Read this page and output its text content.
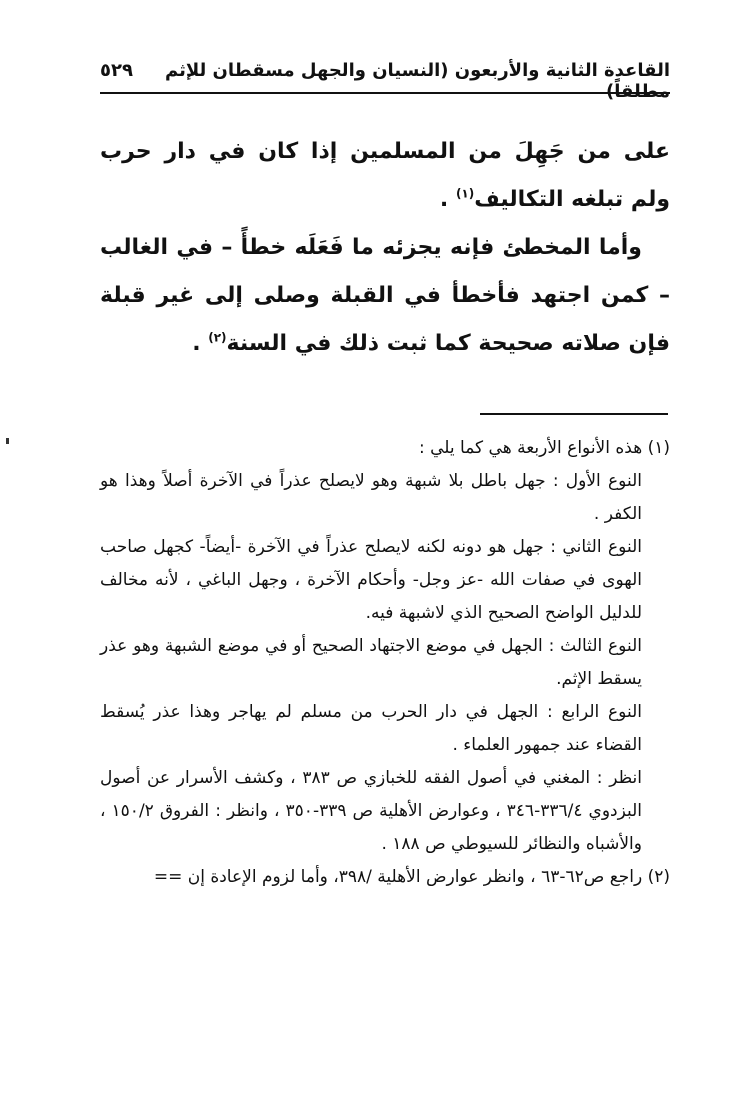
القاعدة الثانية والأربعون (النسيان والجهل مسقطان للإثم مطلقاً)
٥٢٩

على من جَهِلَ من المسلمين إذا كان في دار حرب ولم تبلغه التكاليف$^{(١)}$ .

وأما المخطئ فإنه يجزئه ما فَعَلَه خطأً – في الغالب – كمن اجتهد فأخطأ في القبلة وصلى إلى غير قبلة فإن صلاته صحيحة كما ثبت ذلك في السنة$^{(٢)}$ .

(١) هذه الأنواع الأربعة هي كما يلي :

النوع الأول : جهل باطل بلا شبهة وهو لايصلح عذراً في الآخرة أصلاً وهذا هو الكفر .

النوع الثاني : جهل هو دونه لكنه لايصلح عذراً في الآخرة -أيضاً- كجهل صاحب الهوى في صفات الله -عز وجل- وأحكام الآخرة ، وجهل الباغي ، لأنه مخالف للدليل الواضح الصحيح الذي لاشبهة فيه.

النوع الثالث : الجهل في موضع الاجتهاد الصحيح أو في موضع الشبهة وهو عذر يسقط الإثم.

النوع الرابع : الجهل في دار الحرب من مسلم لم يهاجر وهذا عذر يُسقط القضاء عند جمهور العلماء .

انظر : المغني في أصول الفقه للخبازي ص ٣٨٣ ، وكشف الأسرار عن أصول البزدوي ٣٣٦/٤-٣٤٦ ، وعوارض الأهلية ص ٣٣٩-٣٥٠ ، وانظر : الفروق ١٥٠/٢ ، والأشباه والنظائر للسيوطي ص ١٨٨ .

(٢) راجع ص٦٢-٦٣ ، وانظر عوارض الأهلية /٣٩٨، وأما لزوم الإعادة إن ==
